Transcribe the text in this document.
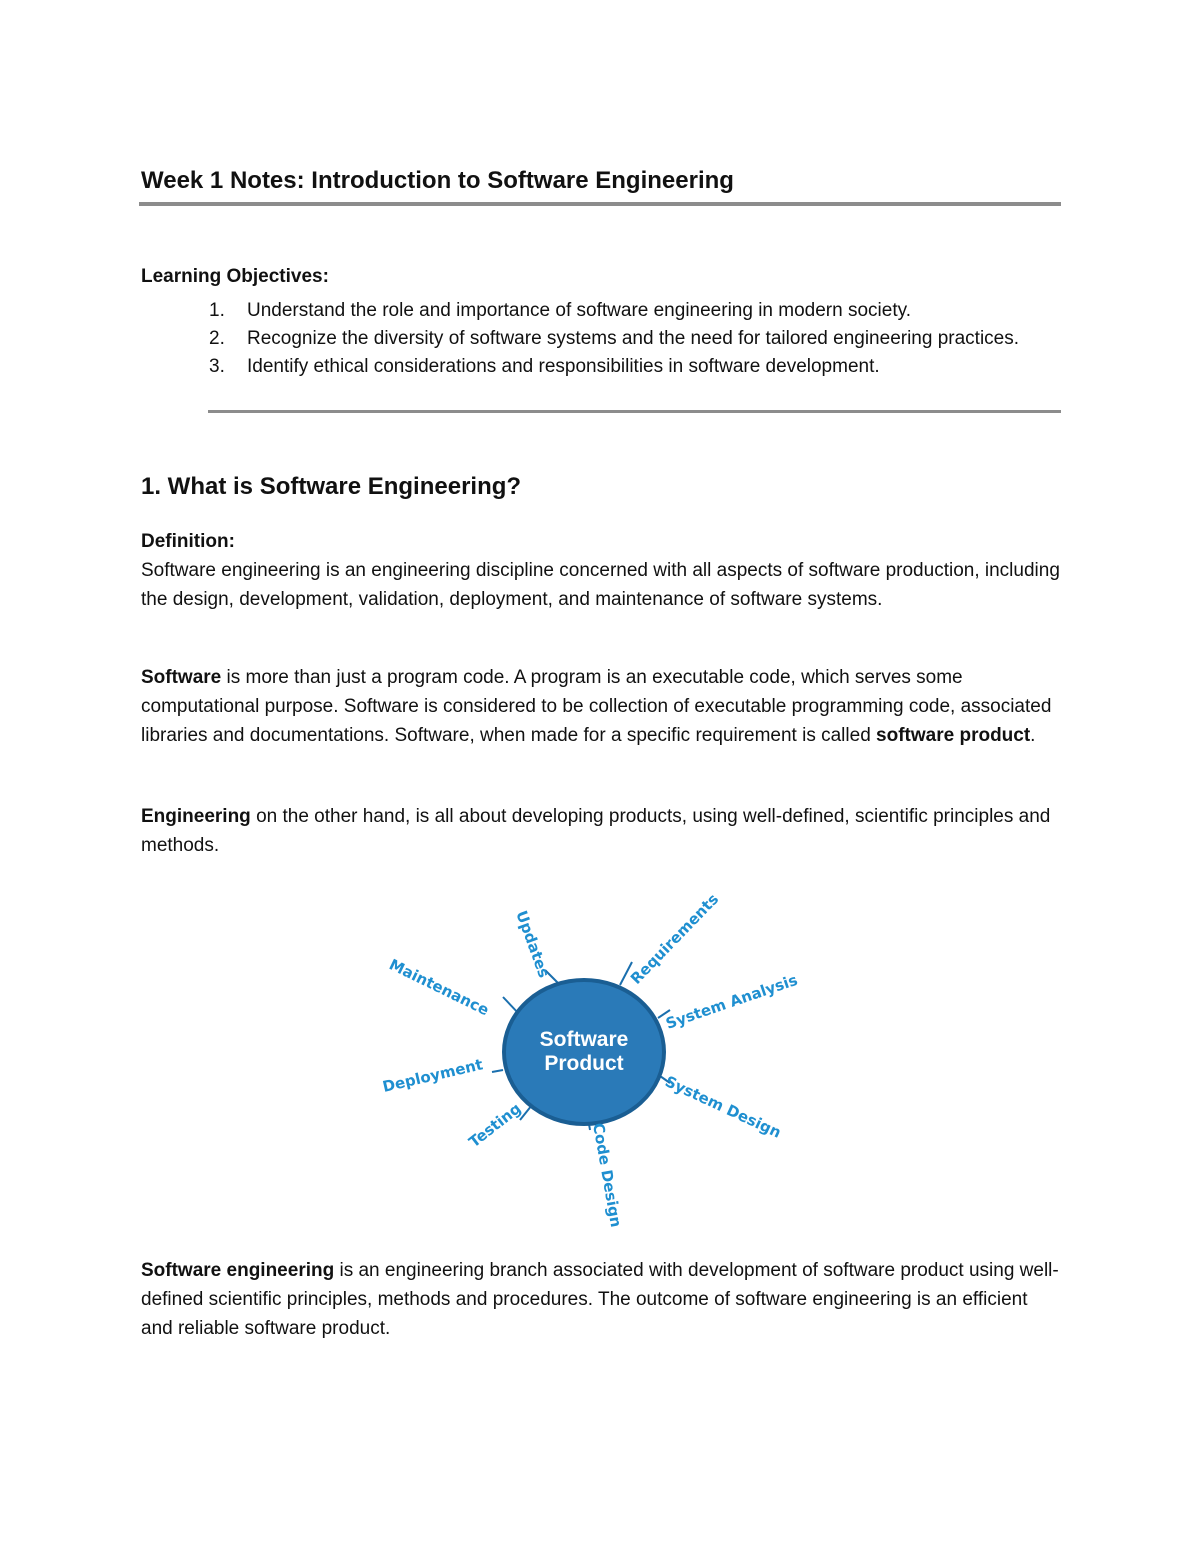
Week 1 Notes: Introduction to Software Engineering
Learning Objectives:
1. Understand the role and importance of software engineering in modern society.
2. Recognize the diversity of software systems and the need for tailored engineering practices.
3. Identify ethical considerations and responsibilities in software development.
1. What is Software Engineering?
Definition:

Software engineering is an engineering discipline concerned with all aspects of software production, including the design, development, validation, deployment, and maintenance of software systems.

Software is more than just a program code. A program is an executable code, which serves some computational purpose. Software is considered to be collection of executable programming code, associated libraries and documentations. Software, when made for a specific requirement is called software product.

Engineering on the other hand, is all about developing products, using well-defined, scientific principles and methods.

Software
Product
Updates	Requirements
Maintenance	System Analysis
Deployment	System Design
Testing	Code Design

Software engineering is an engineering branch associated with development of software product using well-defined scientific principles, methods and procedures. The outcome of software engineering is an efficient and reliable software product.
